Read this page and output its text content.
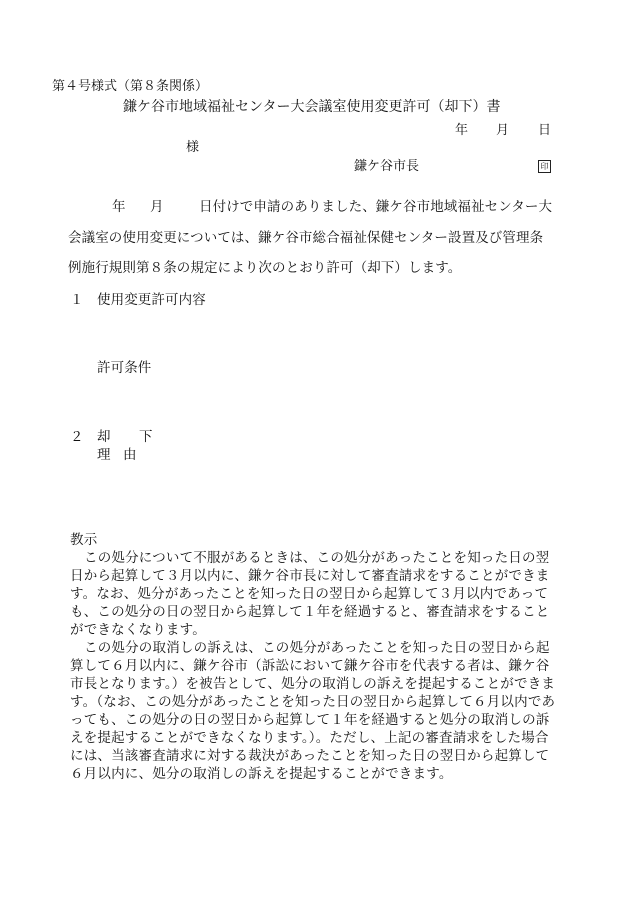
第４号様式（第８条関係）

鎌ケ谷市地域福祉センター大会議室使用変更許可（却下）書

年 月 日
様
鎌ケ谷市長	印
年 月	日付けで申請のありました、鎌ケ谷市地域福祉センター大

会議室の使用変更については、鎌ケ谷市総合福祉保健センター設置及び管理条

例施行規則第８条の規定により次のとおり許可（却下）します。

１ 使用変更許可内容
許可条件
２ 却 下
理 由

教示

この処分について不服があるときは、この処分があったことを知った日の翌

日から起算して３月以内に、鎌ケ谷市長に対して審査請求をすることができま

す。なお、処分があったことを知った日の翌日から起算して３月以内であって

も、この処分の日の翌日から起算して１年を経過すると、審査請求をすること

ができなくなります。

この処分の取消しの訴えは、この処分があったことを知った日の翌日から起

算して６月以内に、鎌ケ谷市（訴訟において鎌ケ谷市を代表する者は、鎌ケ谷

市長となります。）を被告として、処分の取消しの訴えを提起することができま

す。（なお、この処分があったことを知った日の翌日から起算して６月以内であ

っても、この処分の日の翌日から起算して１年を経過すると処分の取消しの訴

えを提起することができなくなります。）。ただし、上記の審査請求をした場合

には、当該審査請求に対する裁決があったことを知った日の翌日から起算して

６月以内に、処分の取消しの訴えを提起することができます。
